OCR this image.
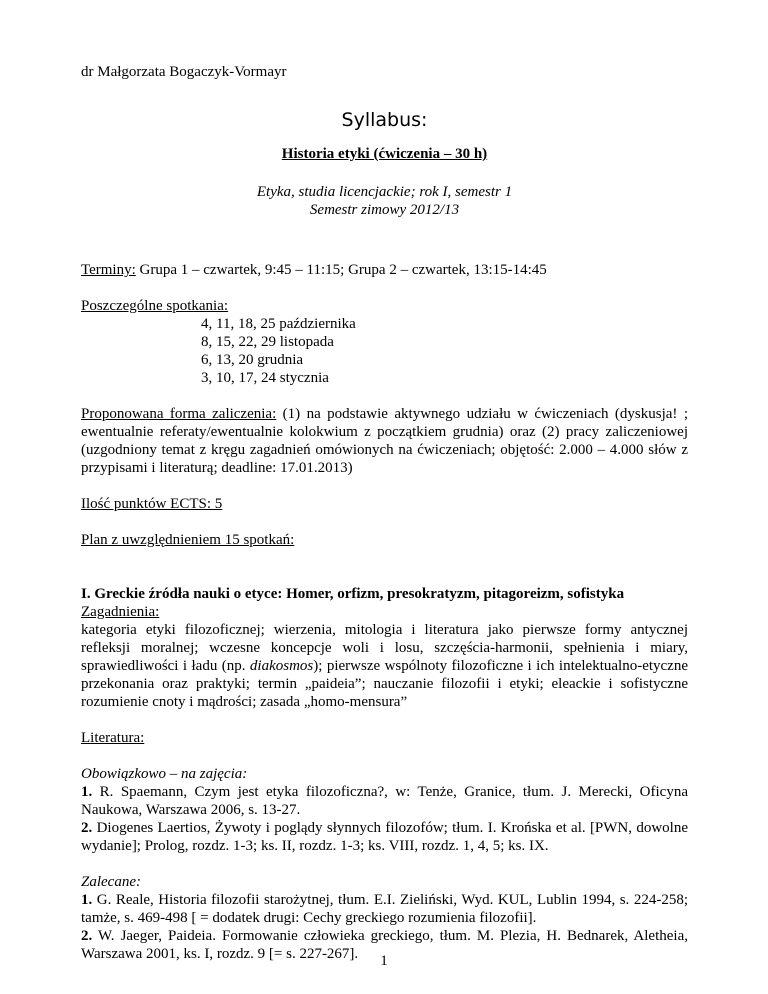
dr Małgorzata Bogaczyk-Vormayr

Syllabus:
Historia etyki (ćwiczenia – 30 h)
Etyka, studia licencjackie; rok I, semestr 1
Semestr zimowy 2012/13

Terminy: Grupa 1 – czwartek, 9:45 – 11:15; Grupa 2 – czwartek, 13:15-14:45

Poszczególne spotkania:

4, 11, 18, 25 października

8, 15, 22, 29 listopada

6, 13, 20 grudnia

3, 10, 17, 24 stycznia

Proponowana forma zaliczenia: (1) na podstawie aktywnego udziału w ćwiczeniach (dyskusja! ; ewentualnie referaty/ewentualnie kolokwium z początkiem grudnia) oraz (2) pracy zaliczeniowej (uzgodniony temat z kręgu zagadnień omówionych na ćwiczeniach; objętość: 2.000 – 4.000 słów z przypisami i literaturą; deadline: 17.01.2013)

Ilość punktów ECTS: 5

Plan z uwzględnieniem 15 spotkań:

I. Greckie źródła nauki o etyce: Homer, orfizm, presokratyzm, pitagoreizm, sofistyka

Zagadnienia:

kategoria etyki filozoficznej; wierzenia, mitologia i literatura jako pierwsze formy antycznej refleksji moralnej; wczesne koncepcje woli i losu, szczęścia-harmonii, spełnienia i miary, sprawiedliwości i ładu (np. diakosmos); pierwsze wspólnoty filozoficzne i ich intelektualno-etyczne przekonania oraz praktyki; termin „paideia”; nauczanie filozofii i etyki; eleackie i sofistyczne rozumienie cnoty i mądrości; zasada „homo-mensura”

Literatura:

Obowiązkowo – na zajęcia:

1. R. Spaemann, Czym jest etyka filozoficzna?, w: Tenże, Granice, tłum. J. Merecki, Oficyna Naukowa, Warszawa 2006, s. 13-27.

2. Diogenes Laertios, Żywoty i poglądy słynnych filozofów; tłum. I. Krońska et al. [PWN, dowolne wydanie]; Prolog, rozdz. 1-3; ks. II, rozdz. 1-3; ks. VIII, rozdz. 1, 4, 5; ks. IX.

Zalecane:

1. G. Reale, Historia filozofii starożytnej, tłum. E.I. Zieliński, Wyd. KUL, Lublin 1994, s. 224-258; tamże, s. 469-498 [ = dodatek drugi: Cechy greckiego rozumienia filozofii].

2. W. Jaeger, Paideia. Formowanie człowieka greckiego, tłum. M. Plezia, H. Bednarek, Aletheia, Warszawa 2001, ks. I, rozdz. 9 [= s. 227-267].	1
